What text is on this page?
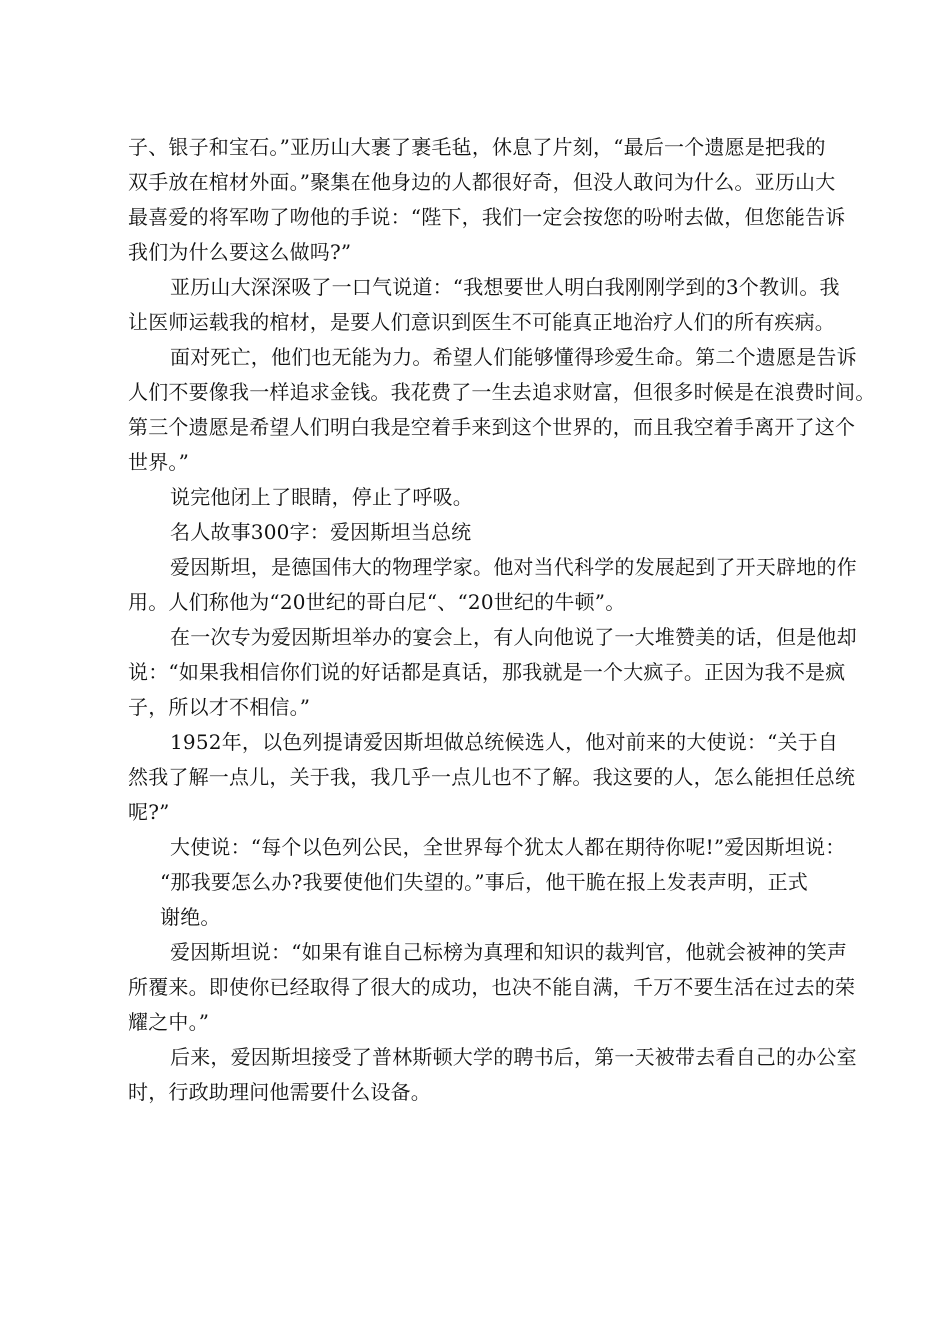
子、银子和宝石。”亚历山大裹了裹毛毡，休息了片刻，“最后一个遗愿是把我的
双手放在棺材外面。”聚集在他身边的人都很好奇，但没人敢问为什么。亚历山大
最喜爱的将军吻了吻他的手说：“陛下，我们一定会按您的吩咐去做，但您能告诉
我们为什么要这么做吗?”

亚历山大深深吸了一口气说道：“我想要世人明白我刚刚学到的3个教训。我
让医师运载我的棺材，是要人们意识到医生不可能真正地治疗人们的所有疾病。

面对死亡，他们也无能为力。希望人们能够懂得珍爱生命。第二个遗愿是告诉
人们不要像我一样追求金钱。我花费了一生去追求财富，但很多时候是在浪费时间。
第三个遗愿是希望人们明白我是空着手来到这个世界的，而且我空着手离开了这个
世界。”

说完他闭上了眼睛，停止了呼吸。

名人故事300字：爱因斯坦当总统

爱因斯坦，是德国伟大的物理学家。他对当代科学的发展起到了开天辟地的作
用。人们称他为“20世纪的哥白尼“、“20世纪的牛顿”。

在一次专为爱因斯坦举办的宴会上，有人向他说了一大堆赞美的话，但是他却
说：“如果我相信你们说的好话都是真话，那我就是一个大疯子。正因为我不是疯
子，所以才不相信。”

1952年，以色列提请爱因斯坦做总统候选人，他对前来的大使说：“关于自
然我了解一点儿，关于我，我几乎一点儿也不了解。我这要的人，怎么能担任总统
呢?”

大使说：“每个以色列公民，全世界每个犹太人都在期待你呢!”爱因斯坦说：
“那我要怎么办?我要使他们失望的。”事后，他干脆在报上发表声明，正式
谢绝。

爱因斯坦说：“如果有谁自己标榜为真理和知识的裁判官，他就会被神的笑声
所覆来。即使你已经取得了很大的成功，也决不能自满，千万不要生活在过去的荣
耀之中。”

后来，爱因斯坦接受了普林斯顿大学的聘书后，第一天被带去看自己的办公室
时，行政助理问他需要什么设备。
